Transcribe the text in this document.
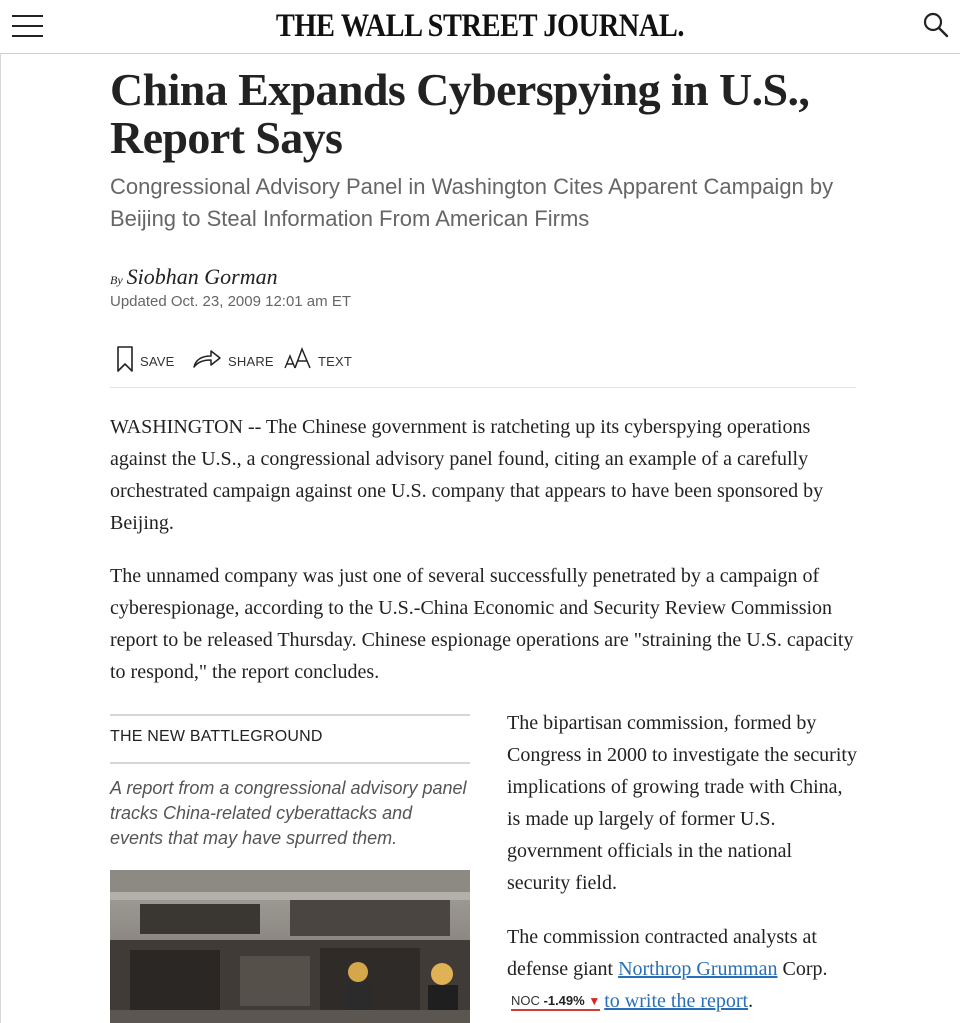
THE WALL STREET JOURNAL.
China Expands Cyberspying in U.S., Report Says
Congressional Advisory Panel in Washington Cites Apparent Campaign by Beijing to Steal Information From American Firms
By Siobhan Gorman
Updated Oct. 23, 2009 12:01 am ET
SAVE	SHARE	TEXT

WASHINGTON -- The Chinese government is ratcheting up its cyberspying operations against the U.S., a congressional advisory panel found, citing an example of a carefully orchestrated campaign against one U.S. company that appears to have been sponsored by Beijing.

The unnamed company was just one of several successfully penetrated by a campaign of cyberespionage, according to the U.S.-China Economic and Security Review Commission report to be released Thursday. Chinese espionage operations are "straining the U.S. capacity to respond," the report concludes.

THE NEW BATTLEGROUND
A report from a congressional advisory panel tracks China-related cyberattacks and events that may have spurred them.

The bipartisan commission, formed by Congress in 2000 to investigate the security implications of growing trade with China, is made up largely of former U.S. government officials in the national security field.

The commission contracted analysts at defense giant Northrop Grumman Corp.NOC -1.49% ▼ to write the report.
